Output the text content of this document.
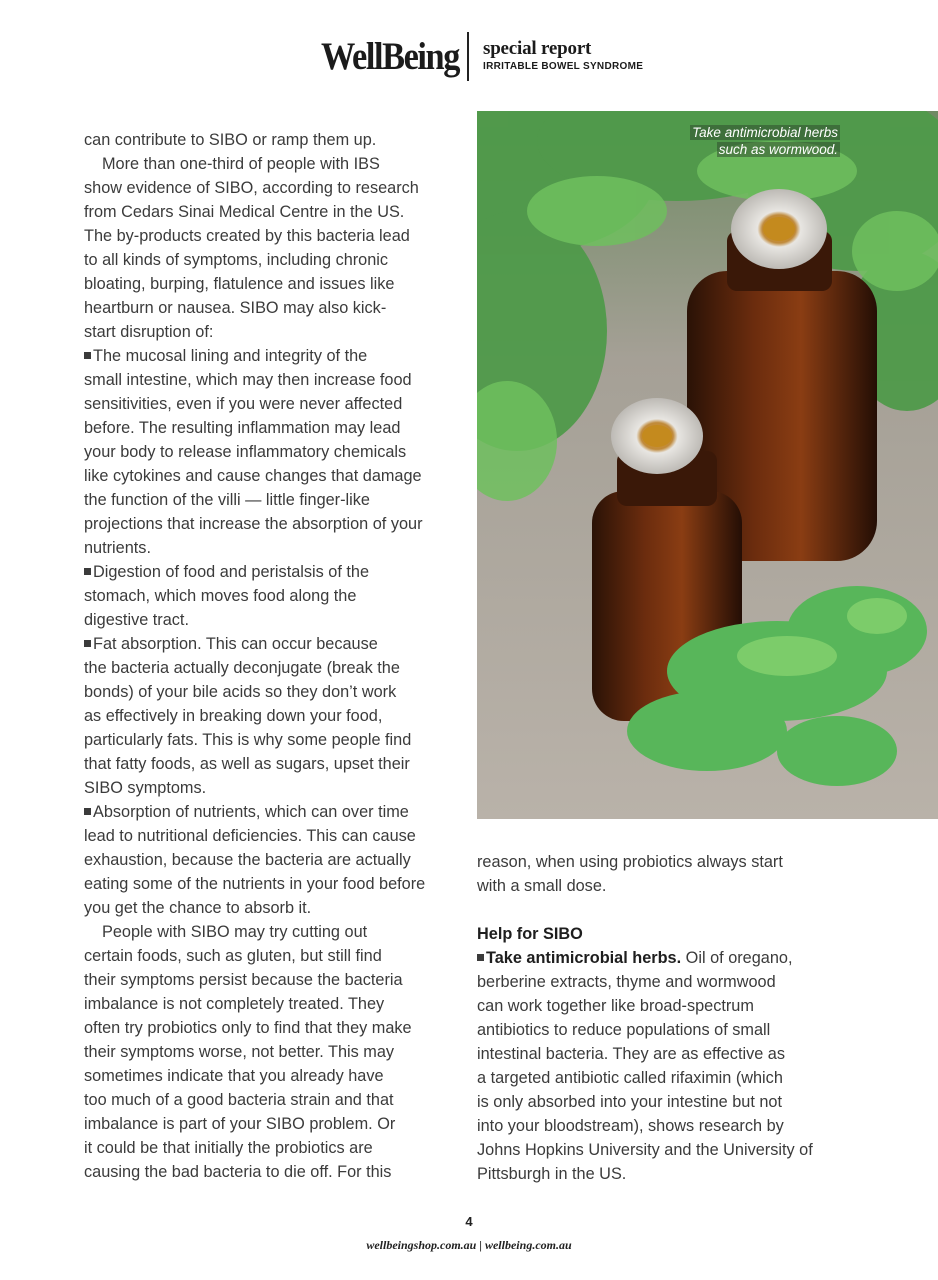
WellBeing special report
IRRITABLE BOWEL SYNDROME
can contribute to SIBO or ramp them up.
More than one-third of people with IBS
show evidence of SIBO, according to research
from Cedars Sinai Medical Centre in the US.
The by-products created by this bacteria lead
to all kinds of symptoms, including chronic
bloating, burping, flatulence and issues like
heartburn or nausea. SIBO may also kick-
start disruption of:
The mucosal lining and integrity of the
small intestine, which may then increase food
sensitivities, even if you were never affected
before. The resulting inflammation may lead
your body to release inflammatory chemicals
like cytokines and cause changes that damage
the function of the villi — little finger-like
projections that increase the absorption of your
nutrients.
Digestion of food and peristalsis of the
stomach, which moves food along the
digestive tract.
Fat absorption. This can occur because
the bacteria actually deconjugate (break the
bonds) of your bile acids so they don’t work
as effectively in breaking down your food,
particularly fats. This is why some people find
that fatty foods, as well as sugars, upset their
SIBO symptoms.
Absorption of nutrients, which can over time
lead to nutritional deficiencies. This can cause
exhaustion, because the bacteria are actually
eating some of the nutrients in your food before
you get the chance to absorb it.
People with SIBO may try cutting out
certain foods, such as gluten, but still find
their symptoms persist because the bacteria
imbalance is not completely treated. They
often try probiotics only to find that they make
their symptoms worse, not better. This may
sometimes indicate that you already have
too much of a good bacteria strain and that
imbalance is part of your SIBO problem. Or
it could be that initially the probiotics are
causing the bad bacteria to die off. For this
Take antimicrobial herbs
such as wormwood.
reason, when using probiotics always start
with a small dose.
Help for SIBO
Take antimicrobial herbs. Oil of oregano,
berberine extracts, thyme and wormwood
can work together like broad-spectrum
antibiotics to reduce populations of small
intestinal bacteria. They are as effective as
a targeted antibiotic called rifaximin (which
is only absorbed into your intestine but not
into your bloodstream), shows research by
Johns Hopkins University and the University of
Pittsburgh in the US.
4
wellbeingshop.com.au | wellbeing.com.au
